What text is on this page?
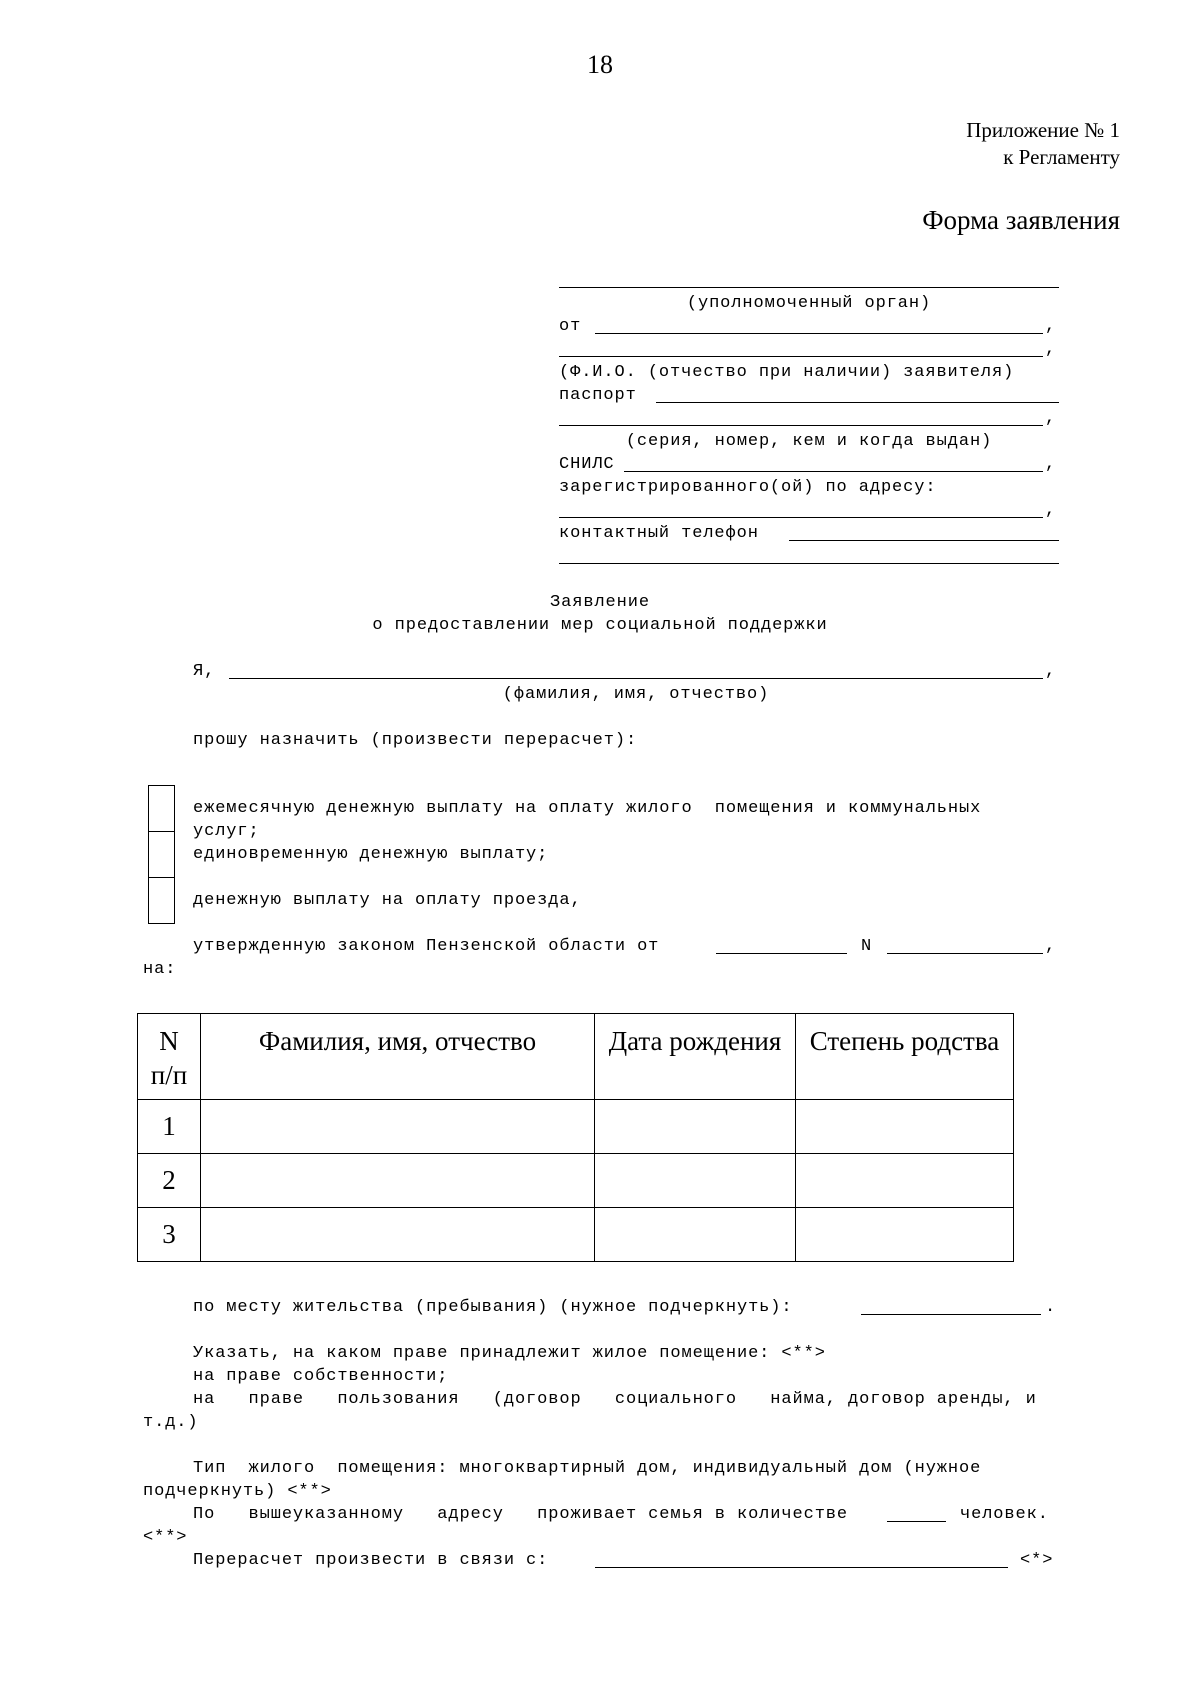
18
Приложение № 1
к Регламенту
Форма заявления
(уполномоченный орган)
от	,
,
(Ф.И.О. (отчество при наличии) заявителя)
паспорт
,
(серия, номер, кем и когда выдан)
СНИЛС	,
зарегистрированного(ой) по адресу:
,
контактный телефон
Заявление
о предоставлении мер социальной поддержки
Я,	,
(фамилия, имя, отчество)
прошу назначить (произвести перерасчет):
ежемесячную денежную выплату на оплату жилого  помещения и коммунальных
услуг;
единовременную денежную выплату;
денежную выплату на оплату проезда,
утвержденную законом Пензенской области от	N	,
на:
N
п/п	Фамилия, имя, отчество	Дата рождения	Степень родства
1			
2			
3			
по месту жительства (пребывания) (нужное подчеркнуть):	.
Указать, на каком праве принадлежит жилое помещение: <**>
на праве собственности;
на   праве   пользования   (договор   социального   найма, договор аренды, и
т.д.)
Тип  жилого  помещения: многоквартирный дом, индивидуальный дом (нужное
подчеркнуть) <**>
По   вышеуказанному   адресу   проживает семья в количестве	человек.
<**>
Перерасчет произвести в связи с:	<*>
